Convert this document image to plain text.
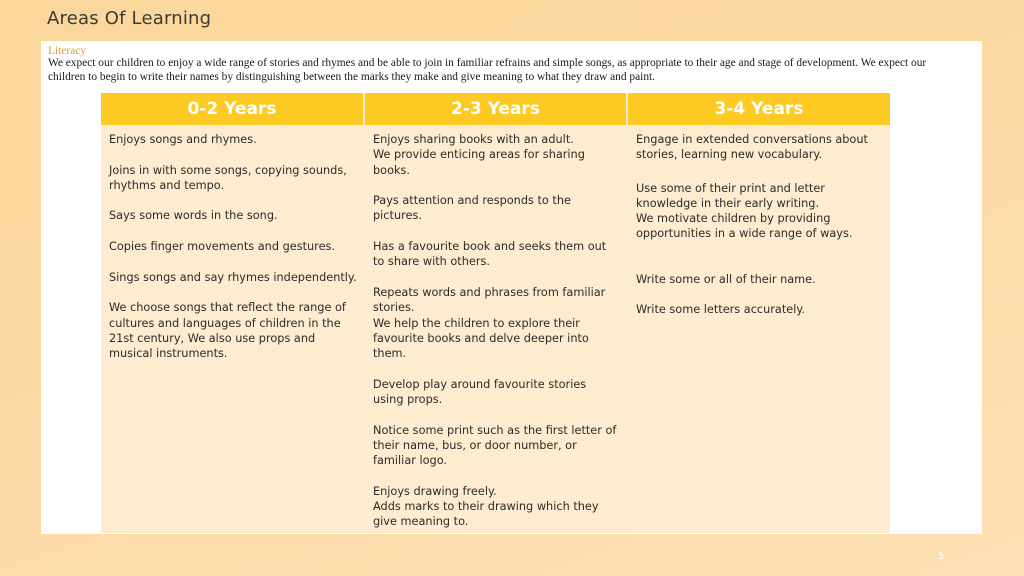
Areas Of Learning
Literacy
We expect our children to enjoy a wide range of stories and rhymes and be able to join in familiar refrains and simple songs, as appropriate to their age and stage of development. We expect our children to begin to write their names by distinguishing between the marks they make and give meaning to what they draw and paint.
0-2 Years	2-3 Years	3-4 Years
Enjoys songs and rhymes.
Joins in with some songs, copying sounds, rhythms and tempo.
Says some words in the song.
Copies finger movements and gestures.
Sings songs and say rhymes independently.
We choose songs that reflect the range of cultures and languages of children in the 21st century, We also use props and musical instruments.
Enjoys sharing books with an adult.
We provide enticing areas for sharing books.
Pays attention and responds to the pictures.
Has a favourite book and seeks them out to share with others.
Repeats words and phrases from familiar stories.
We help the children to explore their favourite books and delve deeper into them.
Develop play around favourite stories using props.
Notice some print such as the first letter of their name, bus, or door number, or familiar logo.
Enjoys drawing freely.
Adds marks to their drawing which they give meaning to.
Engage in extended conversations about stories, learning new vocabulary.
Use some of their print and letter knowledge in their early writing.
We motivate children by providing opportunities in a wide range of ways.
Write some or all of their name.
Write some letters accurately.
5
